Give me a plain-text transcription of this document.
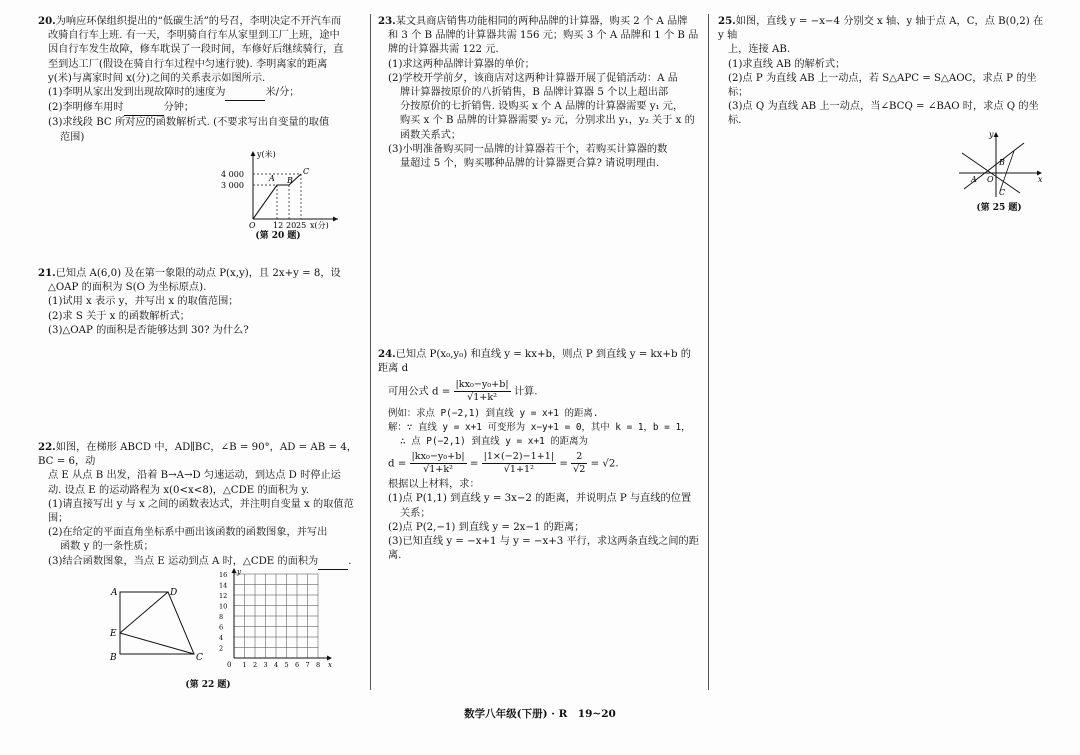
20.为响应环保组织提出的“低碳生活”的号召，李明决定不开汽车而

改骑自行车上班. 有一天，李明骑自行车从家里到工厂上班，途中

因自行车发生故障，修车耽误了一段时间，车修好后继续骑行，直

至到达工厂(假设在骑自行车过程中匀速行驶). 李明离家的距离

y(米)与离家时间 x(分)之间的关系表示如图所示.

(1)李明从家出发到出现故障时的速度为	米/分；

(2)李明修车用时	分钟；

(3)求线段 BC 所对应的函数解析式. (不要求写出自变量的取值

范围)

y(米)
x(分)
4 000
3 000
O 12 20 25
A B
C
(第 20 题)

21.已知点 A(6,0) 及在第一象限的动点 P(x,y)，且 2x+y = 8，设

△OAP 的面积为 S(O 为坐标原点).

(1)试用 x 表示 y，并写出 x 的取值范围；

(2)求 S 关于 x 的函数解析式；

(3)△OAP 的面积是否能够达到 30? 为什么?

22.如图，在梯形 ABCD 中，AD∥BC，∠B = 90°，AD = AB = 4，BC = 6，动

点 E 从点 B 出发，沿着 B→A→D 匀速运动，到达点 D 时停止运

动. 设点 E 的运动路程为 x(0<x<8)，△CDE 的面积为 y.

(1)请直接写出 y 与 x 之间的函数表达式，并注明自变量 x 的取值范围；

(2)在给定的平面直角坐标系中画出该函数的函数图象，并写出

函数 y 的一条性质；

(3)结合函数图象，当点 E 运动到点 A 时，△CDE 的面积为	.

A	D
E
B	C
y
x
0
16
14
12
10
8
6
4
2
1 2 3 4 5 6 7 8
(第 22 题)

23.某文具商店销售功能相同的两种品牌的计算器，购买 2 个 A 品牌

和 3 个 B 品牌的计算器共需 156 元；购买 3 个 A 品牌和 1 个 B 品

牌的计算器共需 122 元.

(1)求这两种品牌计算器的单价；

(2)学校开学前夕，该商店对这两种计算器开展了促销活动：A 品

牌计算器按原价的八折销售，B 品牌计算器 5 个以上超出部

分按原价的七折销售. 设购买 x 个 A 品牌的计算器需要 y₁ 元，

购买 x 个 B 品牌的计算器需要 y₂ 元，分别求出 y₁，y₂ 关于 x 的

函数关系式；

(3)小明准备购买同一品牌的计算器若干个，若购买计算器的数

量超过 5 个，购买哪种品牌的计算器更合算? 请说明理由.

24.已知点 P(x₀,y₀) 和直线 y = kx+b，则点 P 到直线 y = kx+b 的距离 d

可用公式 $d = \frac{\text{|kx₀−y₀+b|}}{\text{√1+k²}}$ 计算.

例如：求点 P(−2,1) 到直线 y = x+1 的距离.

解：∵ 直线 y = x+1 可变形为 x−y+1 = 0，其中 k = 1，b = 1，

∴ 点 P(−2,1) 到直线 y = x+1 的距离为

$d = \frac{\text{|kx₀−y₀+b|}}{\text{√1+k²}} = \frac{|1\times(-2)-1+1|}{\text{√1+1²}} = \frac{2}{√2} = √2$.

根据以上材料，求：

(1)点 P(1,1) 到直线 y = 3x−2 的距离，并说明点 P 与直线的位置

关系；

(2)点 P(2,−1) 到直线 y = 2x−1 的距离；

(3)已知直线 y = −x+1 与 y = −x+3 平行，求这两条直线之间的距离.

25.如图，直线 y = −x−4 分别交 x 轴、y 轴于点 A，C，点 B(0,2) 在 y 轴

上，连接 AB.

(1)求直线 AB 的解析式；

(2)点 P 为直线 AB 上一动点，若 S△APC = S△AOC，求点 P 的坐标；

(3)点 Q 为直线 AB 上一动点，当∠BCQ = ∠BAO 时，求点 Q 的坐标.

y
x
A
B
C
O
(第 25 题)
数学八年级(下册) · R　19~20
